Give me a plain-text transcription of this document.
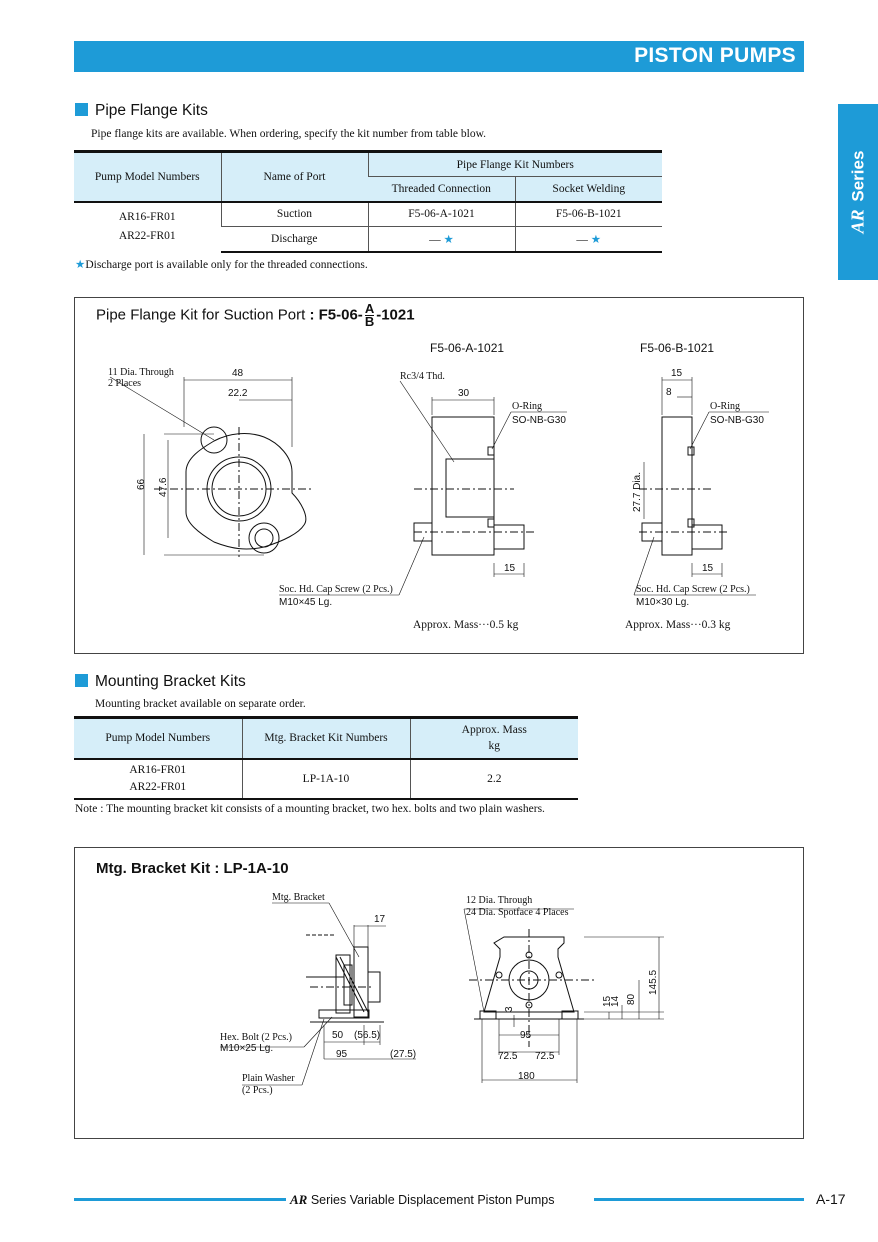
PISTON PUMPS
AR Series
Pipe Flange Kits
Pipe flange kits are available. When ordering, specify the kit number from table blow.
Pump Model Numbers	Name of Port	Pipe Flange Kit Numbers	
		Threaded Connection	Socket Welding

AR16-FR01
AR22-FR01	Suction	F5-06-A-1021	F5-06-B-1021
	Discharge	— ★	— ★
★Discharge port is available only for the threaded connections.
Pipe Flange Kit for Suction Port : $F5-06- \frac{A}{B} -1021$
F5-06-A-1021	F5-06-B-1021
11 Dia. Through
2 Places
48
22.2
66 47.6
Rc3/4 Thd.
30
O-Ring
SO-NB-G30
15
Soc. Hd. Cap Screw (2 Pcs.)
M10×45 Lg.
15
8
O-Ring
SO-NB-G30
27.7 Dia.
15
Soc. Hd. Cap Screw (2 Pcs.)
M10×30 Lg.
Approx. Mass···0.5 kg	Approx. Mass···0.3 kg
Mounting Bracket Kits
Mounting bracket available on separate order.
Pump Model Numbers	Mtg. Bracket Kit Numbers	Approx. Mass
kg

AR16-FR01
AR22-FR01	LP-1A-10	2.2
Note : The mounting bracket kit consists of a mounting bracket, two hex. bolts and two plain washers.
Mtg. Bracket Kit : LP-1A-10
Mtg. Bracket
17
Hex. Bolt (2 Pcs.)
M10×25 Lg.
Plain Washer
(2 Pcs.)
50 (56.5)
95	(27.5)
12 Dia. Through
24 Dia. Spotface 4 Places
3
95
14
15 80
145.5
72.5 72.5
180
AR Series Variable Displacement Piston Pumps	A-17
